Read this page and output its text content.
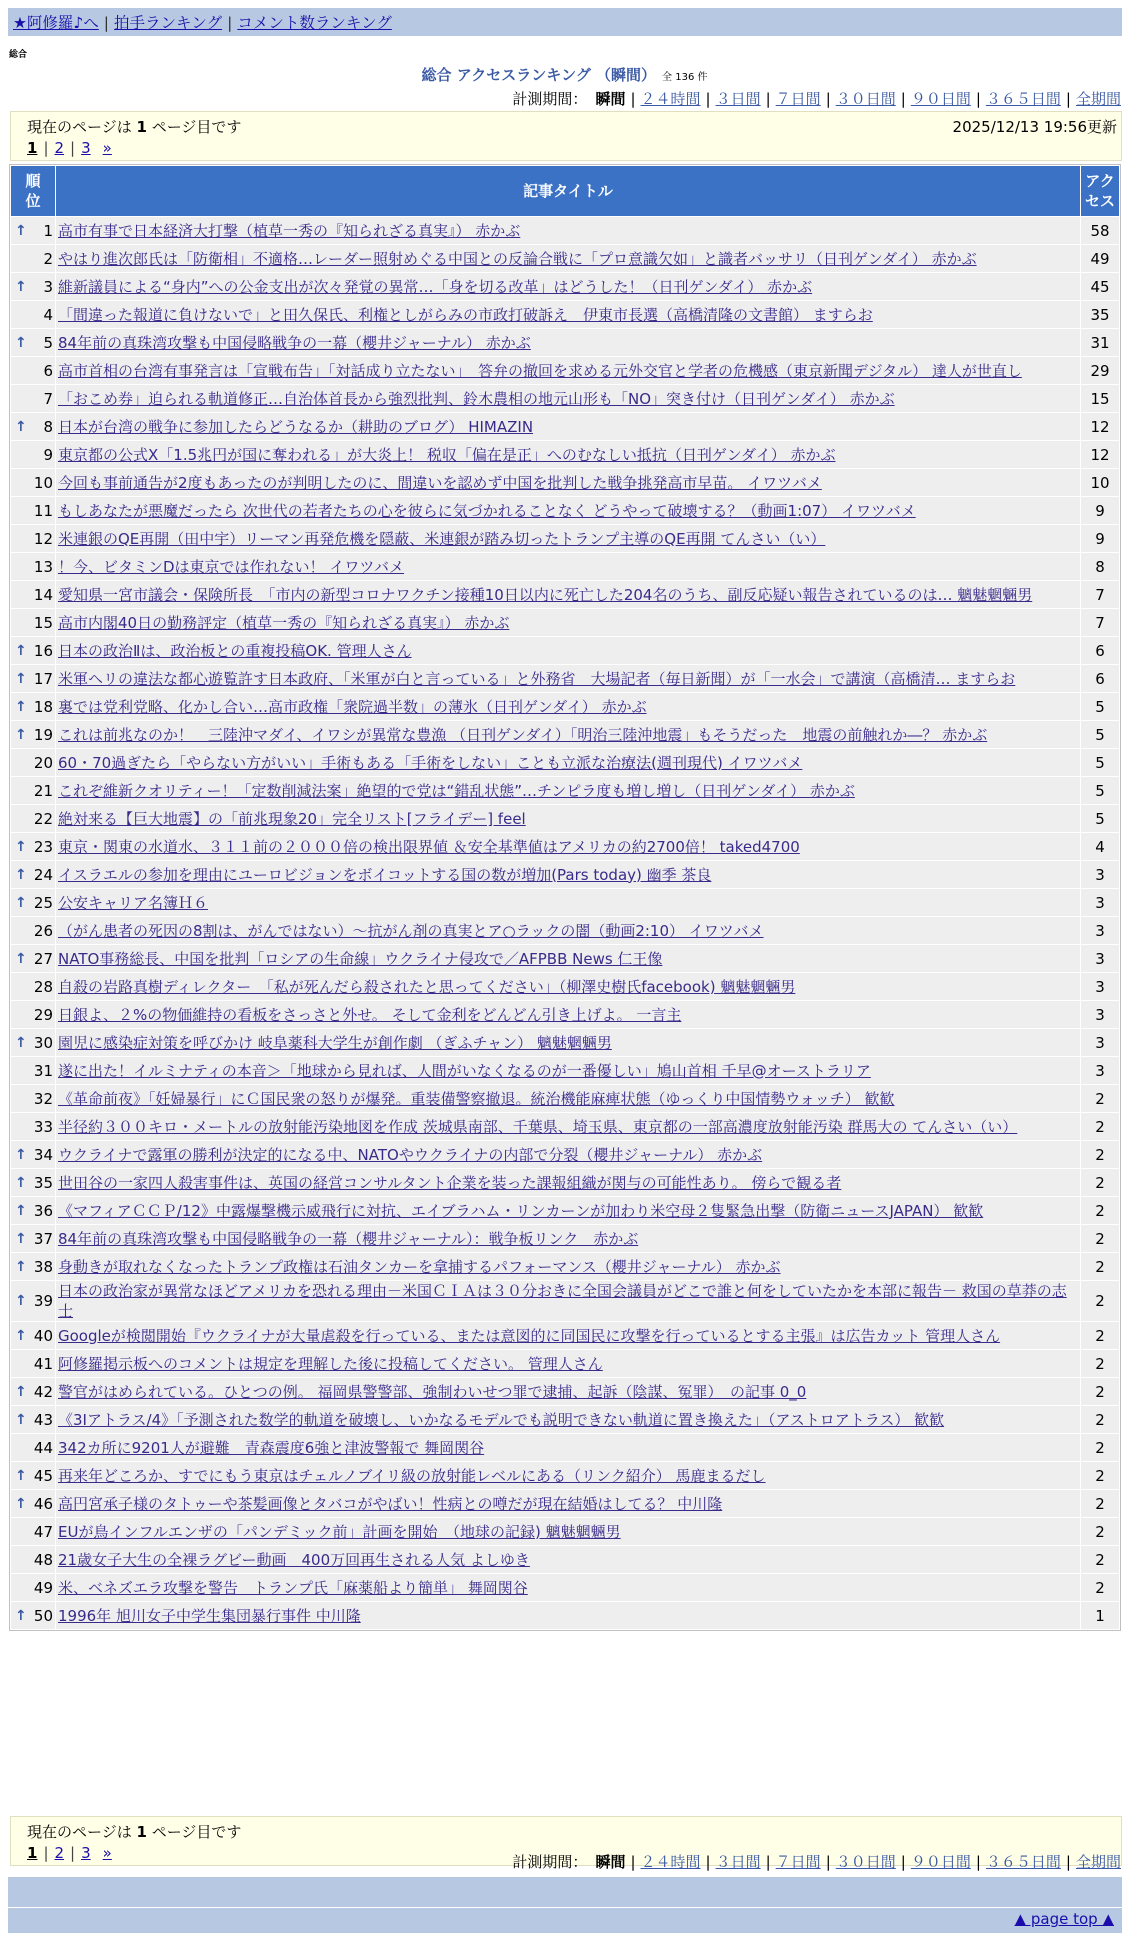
★阿修羅♪へ | 拍手ランキング | コメント数ランキング
総合
総合 アクセスランキング （瞬間） 全 136 件
計測期間： 瞬間 | ２４時間 | ３日間 | ７日間 | ３０日間 | ９０日間 | ３６５日間 | 全期間
現在のページは 1 ページ目です	2025/12/13 19:56更新
1 | 2 | 3 »
順位	記事タイトル	アクセス

↑ 1	高市有事で日本経済大打撃（植草一秀の『知られざる真実』） 赤かぶ	58
2	やはり進次郎氏は「防衛相」不適格…レーダー照射めぐる中国との反論合戦に「プロ意識欠如」と識者バッサリ（日刊ゲンダイ） 赤かぶ	49

↑ 3	維新議員による“身内”への公金支出が次々発覚の異常…「身を切る改革」はどうした！（日刊ゲンダイ） 赤かぶ	45
4	「間違った報道に負けないで」と田久保氏、利権としがらみの市政打破訴え　伊東市長選（高橋清隆の文書館） ますらお	35

↑ 5	84年前の真珠湾攻撃も中国侵略戦争の一幕（櫻井ジャーナル） 赤かぶ	31
6	高市首相の台湾有事発言は「宣戦布告」「対話成り立たない」　答弁の撤回を求める元外交官と学者の危機感（東京新聞デジタル） 達人が世直し	29
7	「おこめ券」迫られる軌道修正…自治体首長から強烈批判、鈴木農相の地元山形も「NO」突き付け（日刊ゲンダイ） 赤かぶ	15

↑ 8	日本が台湾の戦争に参加したらどうなるか（耕助のブログ） HIMAZIN	12
9	東京都の公式X「1.5兆円が国に奪われる」が大炎上！ 税収「偏在是正」へのむなしい抵抗（日刊ゲンダイ） 赤かぶ	12
10	今回も事前通告が2度もあったのが判明したのに、間違いを認めず中国を批判した戦争挑発高市早苗。 イワツバメ	10
11	もしあなたが悪魔だったら 次世代の若者たちの心を彼らに気づかれることなく どうやって破壊する？（動画1:07） イワツバメ	9
12	米連銀のQE再開（田中宇）リーマン再発危機を隠蔽、米連銀が踏み切ったトランプ主導のQE再開 てんさい（い）	9
13	！今、ビタミンDは東京では作れない！ イワツバメ	8
14	愛知県一宮市議会・保険所長　「市内の新型コロナワクチン接種10日以内に死亡した204名のうち、副反応疑い報告されているのは… 魑魅魍魎男	7
15	高市内閣40日の勤務評定（植草一秀の『知られざる真実』） 赤かぶ	7

↑ 16	日本の政治Ⅱは、政治板との重複投稿OK. 管理人さん	6

↑ 17	米軍ヘリの違法な都心遊覧許す日本政府、「米軍が白と言っている」と外務省　大場記者（毎日新聞）が「一水会」で講演（高橋清… ますらお	6

↑ 18	裏では党利党略、化かし合い…高市政権「衆院過半数」の薄氷（日刊ゲンダイ） 赤かぶ	5

↑ 19	これは前兆なのか！　三陸沖マダイ、イワシが異常な豊漁 （日刊ゲンダイ）「明治三陸沖地震」もそうだった　地震の前触れか―？ 赤かぶ	5
20	60・70過ぎたら「やらない方がいい」手術もある「手術をしない」ことも立派な治療法(週刊現代) イワツバメ	5
21	これぞ維新クオリティー！「定数削減法案」絶望的で党は“錯乱状態”…チンピラ度も増し増し（日刊ゲンダイ） 赤かぶ	5
22	絶対来る【巨大地震】の「前兆現象20」完全リスト[フライデー] feel	5

↑ 23	東京・関東の水道水、３１１前の２０００倍の検出限界値 ＆安全基準値はアメリカの約2700倍！ taked4700	4

↑ 24	イスラエルの参加を理由にユーロビジョンをボイコットする国の数が増加(Pars today) 幽季 茶良	3

↑ 25	公安キャリア名簿Ｈ６	3
26	（がん患者の死因の8割は、がんではない）～抗がん剤の真実とア○ラックの闇（動画2:10） イワツバメ	3

↑ 27	NATO事務総長、中国を批判「ロシアの生命線」ウクライナ侵攻で／AFPBB News 仁王像	3
28	自殺の岩路真樹ディレクター　「私が死んだら殺されたと思ってください」（柳澤史樹氏facebook) 魑魅魍魎男	3
29	日銀よ、２%の物価維持の看板をさっさと外せ。 そして金利をどんどん引き上げよ。 一言主	3

↑ 30	園児に感染症対策を呼びかけ 岐阜薬科大学生が創作劇 （ぎふチャン） 魑魅魍魎男	3
31	遂に出た！イルミナティの本音＞「地球から見れば、人間がいなくなるのが一番優しい」鳩山首相 千早@オーストラリア	3
32	《革命前夜》「妊婦暴行」にＣ国民衆の怒りが爆発。重装備警察撤退。統治機能麻痺状態（ゆっくり中国情勢ウォッチ） 歓歓	2
33	半径約３００キロ・メートルの放射能汚染地図を作成 茨城県南部、千葉県、埼玉県、東京都の一部高濃度放射能汚染 群馬大の てんさい（い）	2

↑ 34	ウクライナで露軍の勝利が決定的になる中、NATOやウクライナの内部で分裂（櫻井ジャーナル） 赤かぶ	2

↑ 35	世田谷の一家四人殺害事件は、英国の経営コンサルタント企業を装った課報組織が関与の可能性あり。 傍らで観る者	2

↑ 36	《マフィアＣＣＰ/12》中露爆撃機示威飛行に対抗、エイブラハム・リンカーンが加わり米空母２隻緊急出撃（防衛ニュースJAPAN） 歓歓	2

↑ 37	84年前の真珠湾攻撃も中国侵略戦争の一幕（櫻井ジャーナル）：戦争板リンク　赤かぶ	2

↑ 38	身動きが取れなくなったトランプ政権は石油タンカーを拿捕するパフォーマンス（櫻井ジャーナル） 赤かぶ	2

↑ 39	日本の政治家が異常なほどアメリカを恐れる理由－米国ＣＩＡは３０分おきに全国会議員がどこで誰と何をしていたかを本部に報告－ 救国の草莽の志士	2

↑ 40	Googleが検閲開始『ウクライナが大量虐殺を行っている、または意図的に同国民に攻撃を行っているとする主張』は広告カット 管理人さん	2
41	阿修羅掲示板へのコメントは規定を理解した後に投稿してください。 管理人さん	2

↑ 42	警官がはめられている。ひとつの例。 福岡県警警部、強制わいせつ罪で逮捕、起訴（陰謀、冤罪）　の記事 0_0	2

↑ 43	《3Iアトラス/4》「予測された数学的軌道を破壊し、いかなるモデルでも説明できない軌道に置き換えた」（アストロアトラス） 歓歓	2
44	342カ所に9201人が避難　青森震度6強と津波警報で 舞岡関谷	2

↑ 45	再来年どころか、すでにもう東京はチェルノブイリ級の放射能レベルにある（リンク紹介） 馬鹿まるだし	2

↑ 46	高円宮承子様のタトゥーや茶髪画像とタバコがやばい！性病との噂だが現在結婚はしてる？ 中川隆	2
47	EUが鳥インフルエンザの「パンデミック前」計画を開始　（地球の記録) 魑魅魍魎男	2
48	21歳女子大生の全裸ラグビー動画　400万回再生される人気 よしゆき	2
49	米、ベネズエラ攻撃を警告　トランプ氏「麻薬船より簡単」 舞岡関谷	2

↑ 50	1996年 旭川女子中学生集団暴行事件 中川隆	1
現在のページは 1 ページ目です
1 | 2 | 3 »	計測期間： 瞬間 | ２４時間 | ３日間 | ７日間 | ３０日間 | ９０日間 | ３６５日間 | 全期間
▲ page top ▲
